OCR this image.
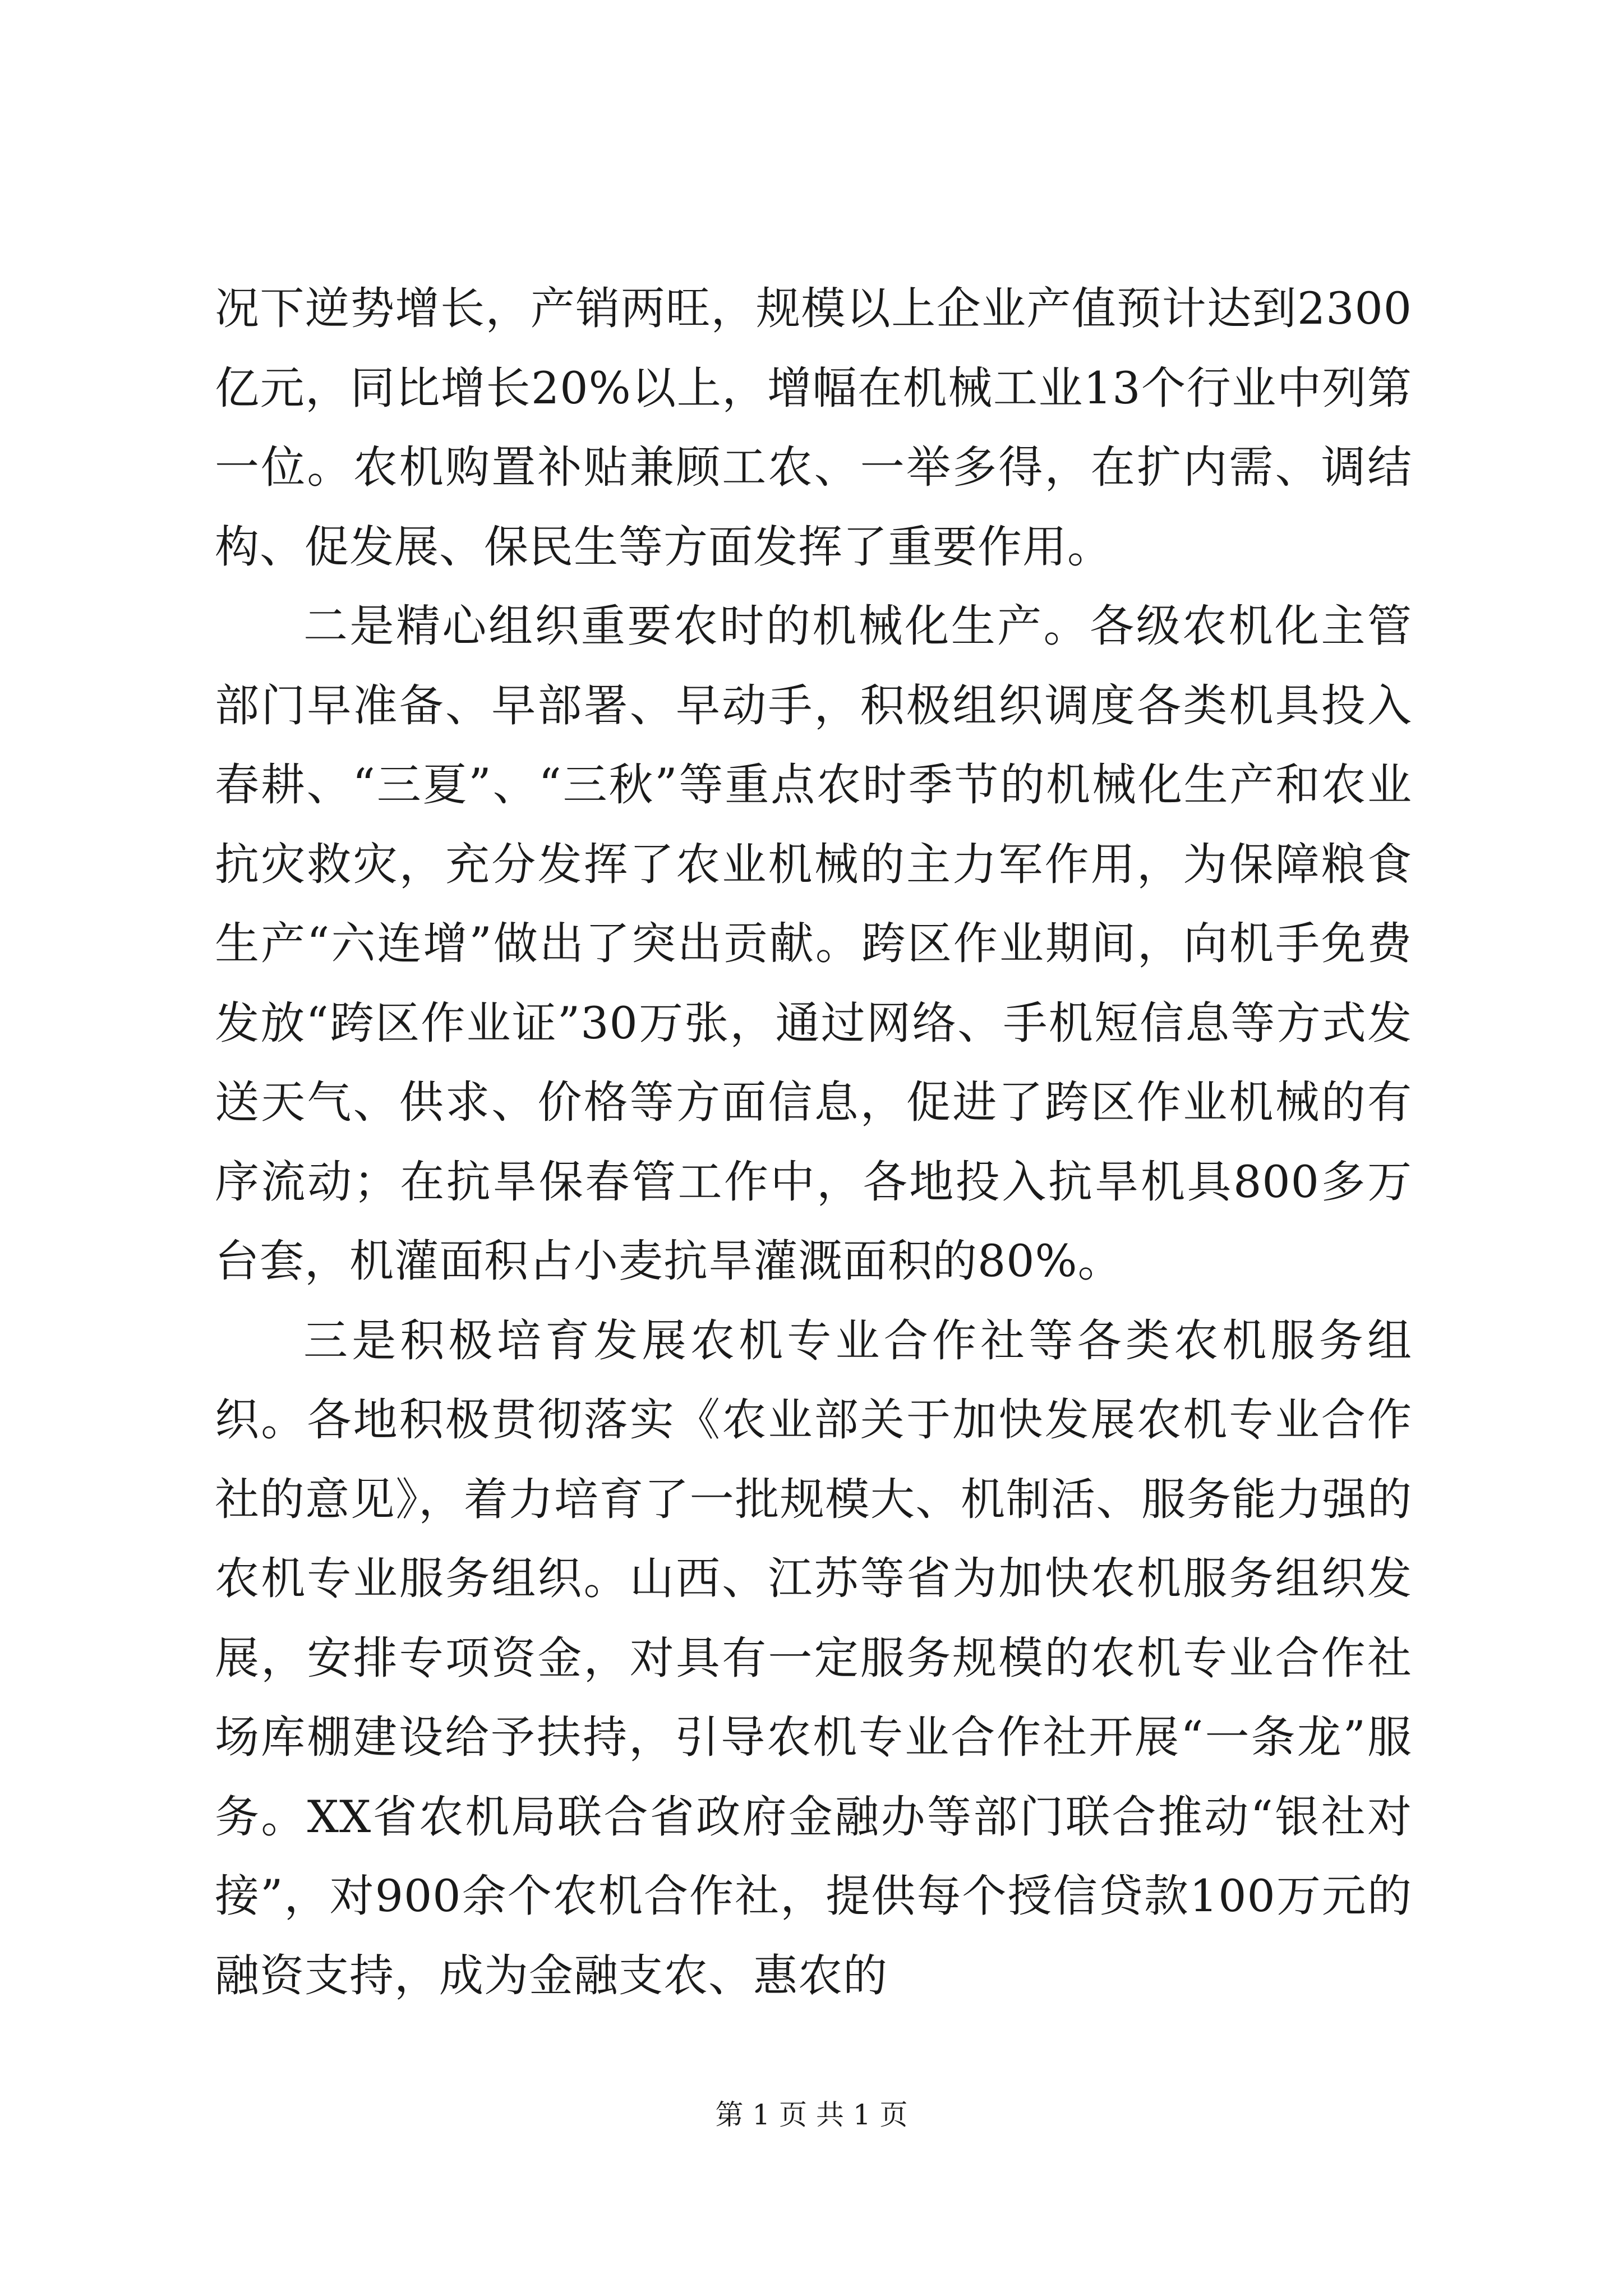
况下逆势增长，产销两旺，规模以上企业产值预计达到2300亿元，同比增长20%以上，增幅在机械工业13个行业中列第一位。农机购置补贴兼顾工农、一举多得，在扩内需、调结构、促发展、保民生等方面发挥了重要作用。

二是精心组织重要农时的机械化生产。各级农机化主管部门早准备、早部署、早动手，积极组织调度各类机具投入春耕、“三夏”、“三秋”等重点农时季节的机械化生产和农业抗灾救灾，充分发挥了农业机械的主力军作用，为保障粮食生产“六连增”做出了突出贡献。跨区作业期间，向机手免费发放“跨区作业证”30万张，通过网络、手机短信息等方式发送天气、供求、价格等方面信息，促进了跨区作业机械的有序流动；在抗旱保春管工作中，各地投入抗旱机具800多万台套，机灌面积占小麦抗旱灌溉面积的80%。

三是积极培育发展农机专业合作社等各类农机服务组织。各地积极贯彻落实《农业部关于加快发展农机专业合作社的意见》，着力培育了一批规模大、机制活、服务能力强的农机专业服务组织。山西、江苏等省为加快农机服务组织发展，安排专项资金，对具有一定服务规模的农机专业合作社场库棚建设给予扶持，引导农机专业合作社开展“一条龙”服务。XX省农机局联合省政府金融办等部门联合推动“银社对接”，对900余个农机合作社，提供每个授信贷款100万元的融资支持，成为金融支农、惠农的

第 1 页 共 1 页
